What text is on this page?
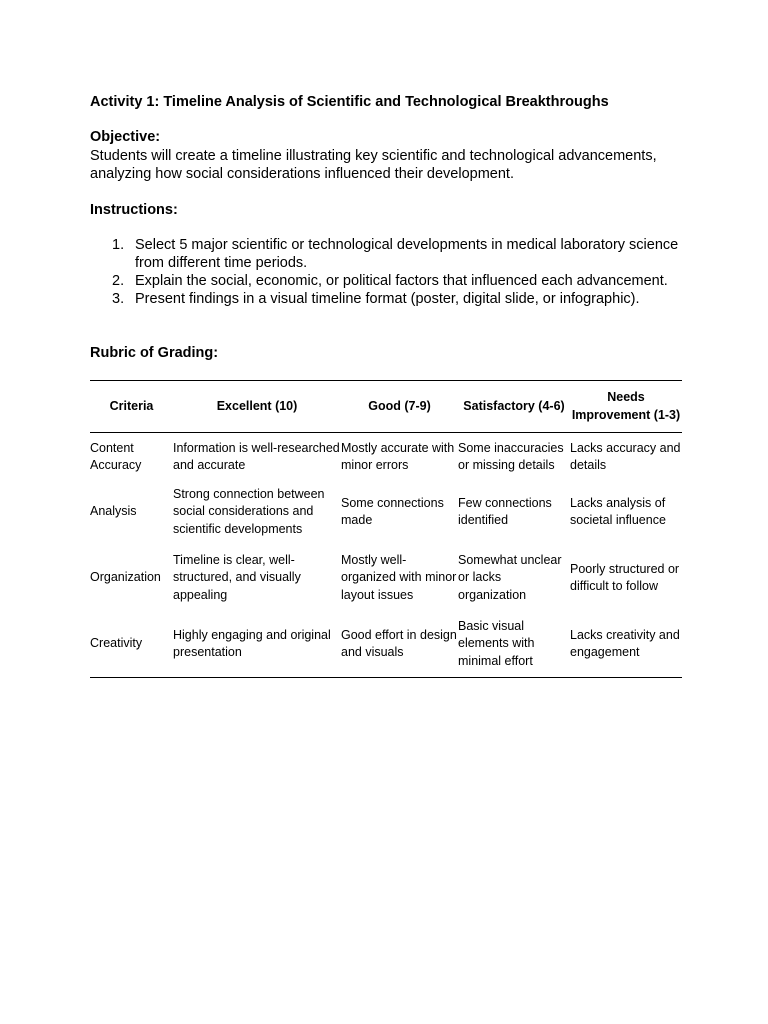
Activity 1: Timeline Analysis of Scientific and Technological Breakthroughs
Objective:
Students will create a timeline illustrating key scientific and technological advancements, analyzing how social considerations influenced their development.
Instructions:
1. Select 5 major scientific or technological developments in medical laboratory science from different time periods.
2. Explain the social, economic, or political factors that influenced each advancement.
3. Present findings in a visual timeline format (poster, digital slide, or infographic).
Rubric of Grading:
Criteria	Excellent (10)	Good (7-9)	Satisfactory (4-6)	Needs Improvement (1-3)
Content Accuracy	Information is well-researched and accurate	Mostly accurate with minor errors	Some inaccuracies or missing details	Lacks accuracy and details
Analysis	Strong connection between social considerations and scientific developments	Some connections made	Few connections identified	Lacks analysis of societal influence
Organization	Timeline is clear, well-structured, and visually appealing	Mostly well-organized with minor layout issues	Somewhat unclear or lacks organization	Poorly structured or difficult to follow
Creativity	Highly engaging and original presentation	Good effort in design and visuals	Basic visual elements with minimal effort	Lacks creativity and engagement
